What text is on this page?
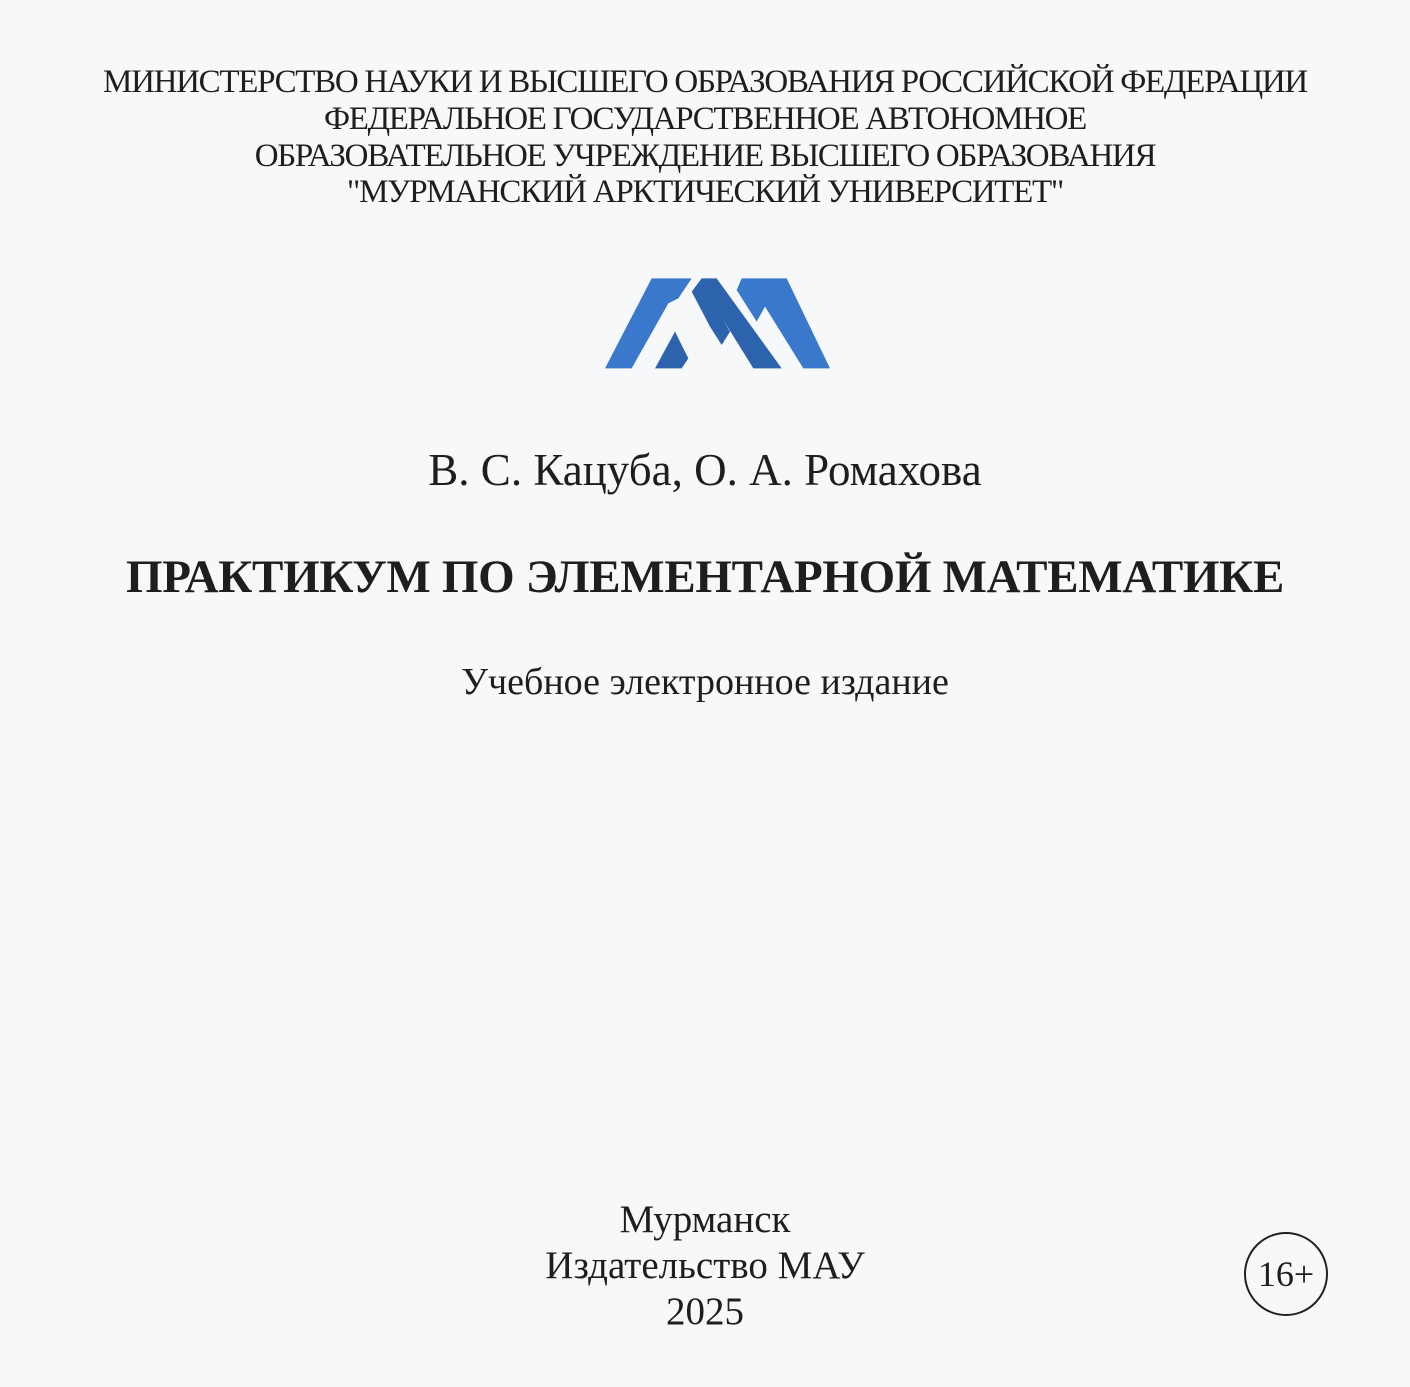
МИНИСТЕРСТВО НАУКИ И ВЫСШЕГО ОБРАЗОВАНИЯ РОССИЙСКОЙ ФЕДЕРАЦИИ
ФЕДЕРАЛЬНОЕ ГОСУДАРСТВЕННОЕ АВТОНОМНОЕ
ОБРАЗОВАТЕЛЬНОЕ УЧРЕЖДЕНИЕ ВЫСШЕГО ОБРАЗОВАНИЯ
"МУРМАНСКИЙ АРКТИЧЕСКИЙ УНИВЕРСИТЕТ"
В. С. Кацуба, О. А. Ромахова
ПРАКТИКУМ ПО ЭЛЕМЕНТАРНОЙ МАТЕМАТИКЕ
Учебное электронное издание
Мурманск
Издательство МАУ
2025
16+
